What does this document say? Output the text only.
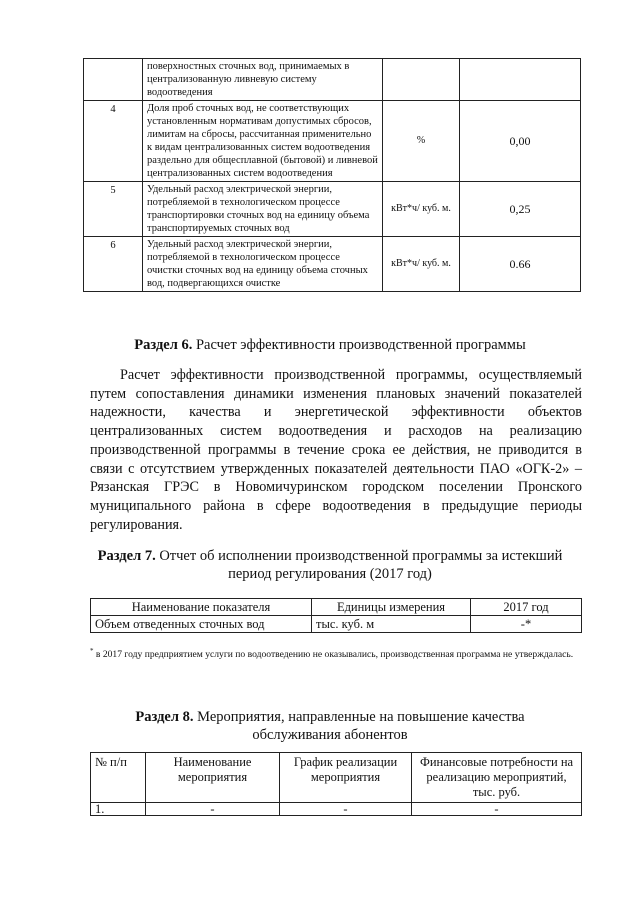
	поверхностных сточных вод, принимаемых в централизованную ливневую систему водоотведения		
4	Доля проб сточных вод, не соответствующих установленным нормативам допустимых сбросов, лимитам на сбросы, рассчитанная применительно к видам централизованных систем водоотведения раздельно для общесплавной (бытовой) и ливневой централизованных систем водоотведения	%	0,00
5	Удельный расход электрической энергии, потребляемой в технологическом процессе транспортировки сточных вод на единицу объема транспортируемых сточных вод	кВт*ч/ куб. м.	0,25
6	Удельный расход электрической энергии, потребляемой в технологическом процессе очистки сточных вод на единицу объема сточных вод, подвергающихся очистке	кВт*ч/ куб. м.	0.66
Раздел 6. Расчет эффективности производственной программы

Расчет эффективности производственной программы, осуществляемый путем сопоставления динамики изменения плановых значений показателей надежности, качества и энергетической эффективности объектов централизованных систем водоотведения и расходов на реализацию производственной программы в течение срока ее действия, не приводится в связи с отсутствием утвержденных показателей деятельности ПАО «ОГК-2» – Рязанская ГРЭС в Новомичуринском городском поселении Пронского муниципального района в сфере водоотведения в предыдущие периоды регулирования.

Раздел 7. Отчет об исполнении производственной программы за истекший
период регулирования (2017 год)
Наименование показателя	Единицы измерения	2017 год
Объем отведенных сточных вод	тыс. куб. м	-*

* в 2017 году предприятием услуги по водоотведению не оказывались, производственная программа не утверждалась.

Раздел 8. Мероприятия, направленные на повышение качества
обслуживания абонентов
№ п/п	Наименование мероприятия	График реализации мероприятия	Финансовые потребности на реализацию мероприятий, тыс. руб.
1.	-	-	-
